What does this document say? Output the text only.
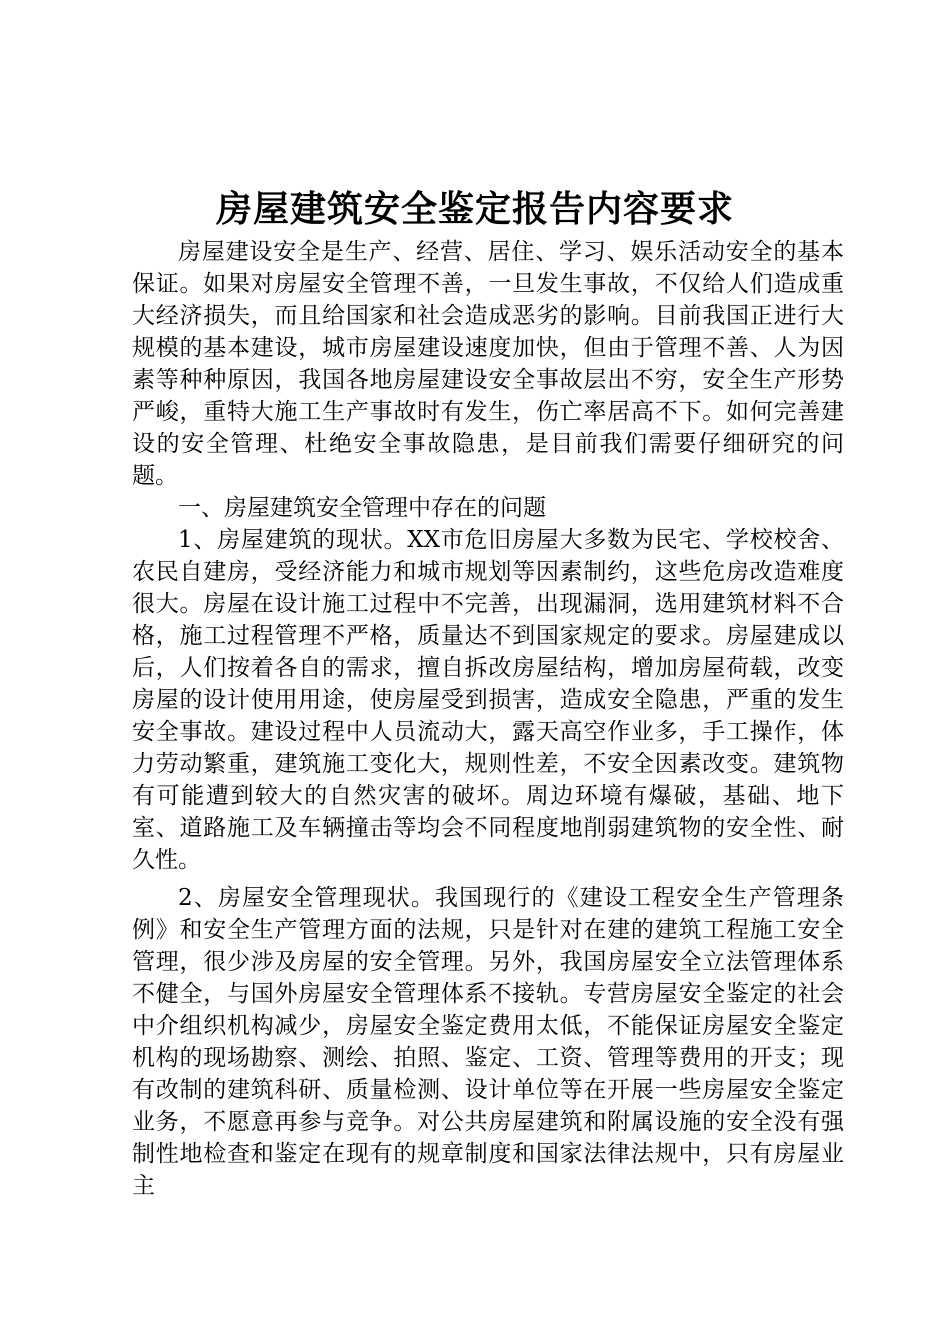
房屋建筑安全鉴定报告内容要求

房屋建设安全是生产、经营、居住、学习、娱乐活动安全的基本保证。如果对房屋安全管理不善，一旦发生事故，不仅给人们造成重大经济损失，而且给国家和社会造成恶劣的影响。目前我国正进行大规模的基本建设，城市房屋建设速度加快，但由于管理不善、人为因素等种种原因，我国各地房屋建设安全事故层出不穷，安全生产形势严峻，重特大施工生产事故时有发生，伤亡率居高不下。如何完善建设的安全管理、杜绝安全事故隐患，是目前我们需要仔细研究的问题。

一、房屋建筑安全管理中存在的问题

1、房屋建筑的现状。XX市危旧房屋大多数为民宅、学校校舍、农民自建房，受经济能力和城市规划等因素制约，这些危房改造难度很大。房屋在设计施工过程中不完善，出现漏洞，选用建筑材料不合格，施工过程管理不严格，质量达不到国家规定的要求。房屋建成以后，人们按着各自的需求，擅自拆改房屋结构，增加房屋荷载，改变房屋的设计使用用途，使房屋受到损害，造成安全隐患，严重的发生安全事故。建设过程中人员流动大，露天高空作业多，手工操作，体力劳动繁重，建筑施工变化大，规则性差，不安全因素改变。建筑物有可能遭到较大的自然灾害的破坏。周边环境有爆破，基础、地下室、道路施工及车辆撞击等均会不同程度地削弱建筑物的安全性、耐久性。

2、房屋安全管理现状。我国现行的《建设工程安全生产管理条例》和安全生产管理方面的法规，只是针对在建的建筑工程施工安全管理，很少涉及房屋的安全管理。另外，我国房屋安全立法管理体系不健全，与国外房屋安全管理体系不接轨。专营房屋安全鉴定的社会中介组织机构减少，房屋安全鉴定费用太低，不能保证房屋安全鉴定机构的现场勘察、测绘、拍照、鉴定、工资、管理等费用的开支；现有改制的建筑科研、质量检测、设计单位等在开展一些房屋安全鉴定业务，不愿意再参与竞争。对公共房屋建筑和附属设施的安全没有强制性地检查和鉴定在现有的规章制度和国家法律法规中，只有房屋业主
